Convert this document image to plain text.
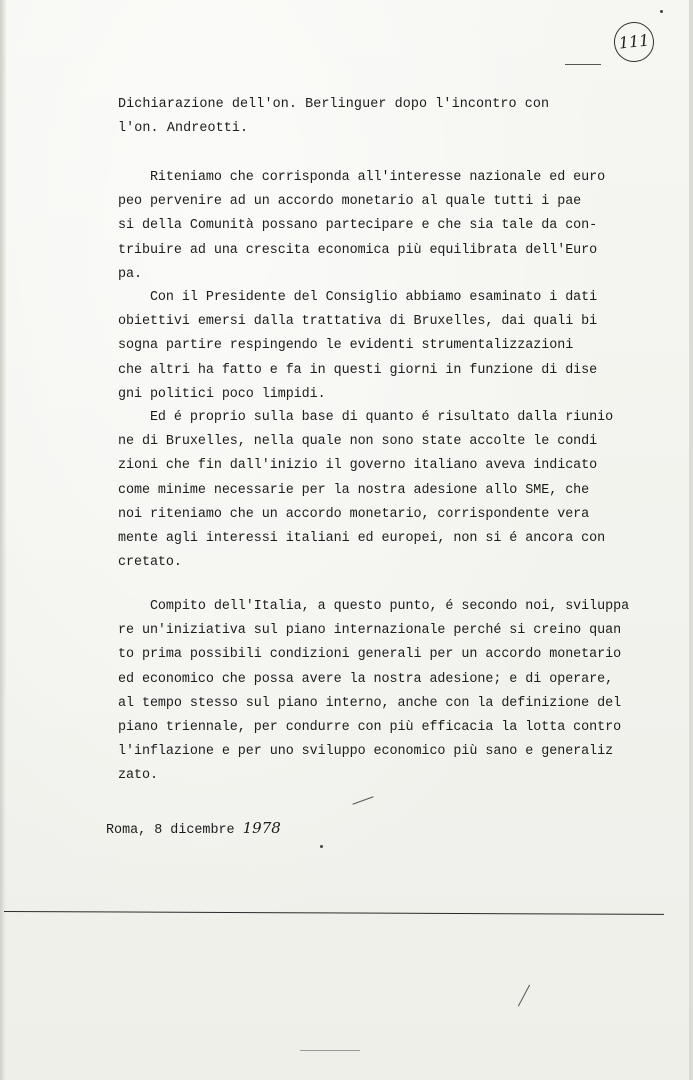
111
Dichiarazione dell'on. Berlinguer dopo l'incontro con
l'on. Andreotti.
Riteniamo che corrisponda all'interesse nazionale ed euro
peo pervenire ad un accordo monetario al quale tutti i pae
si della Comunità possano partecipare e che sia tale da con-
tribuire ad una crescita economica più equilibrata dell'Euro
pa.
Con il Presidente del Consiglio abbiamo esaminato i dati
obiettivi emersi dalla trattativa di Bruxelles, dai quali bi
sogna partire respingendo le evidenti strumentalizzazioni
che altri ha fatto e fa in questi giorni in funzione di dise
gni politici poco limpidi.
Ed é proprio sulla base di quanto é risultato dalla riunio
ne di Bruxelles, nella quale non sono state accolte le condi
zioni che fin dall'inizio il governo italiano aveva indicato
come minime necessarie per la nostra adesione allo SME, che
noi riteniamo che un accordo monetario, corrispondente vera
mente agli interessi italiani ed europei, non si é ancora con
cretato.
Compito dell'Italia, a questo punto, é secondo noi, sviluppa
re un'iniziativa sul piano internazionale perché si creino quan
to prima possibili condizioni generali per un accordo monetario
ed economico che possa avere la nostra adesione; e di operare,
al tempo stesso sul piano interno, anche con la definizione del
piano triennale, per condurre con più efficacia la lotta contro
l'inflazione e per uno sviluppo economico più sano e generaliz
zato.
Roma, 8 dicembre 1978
